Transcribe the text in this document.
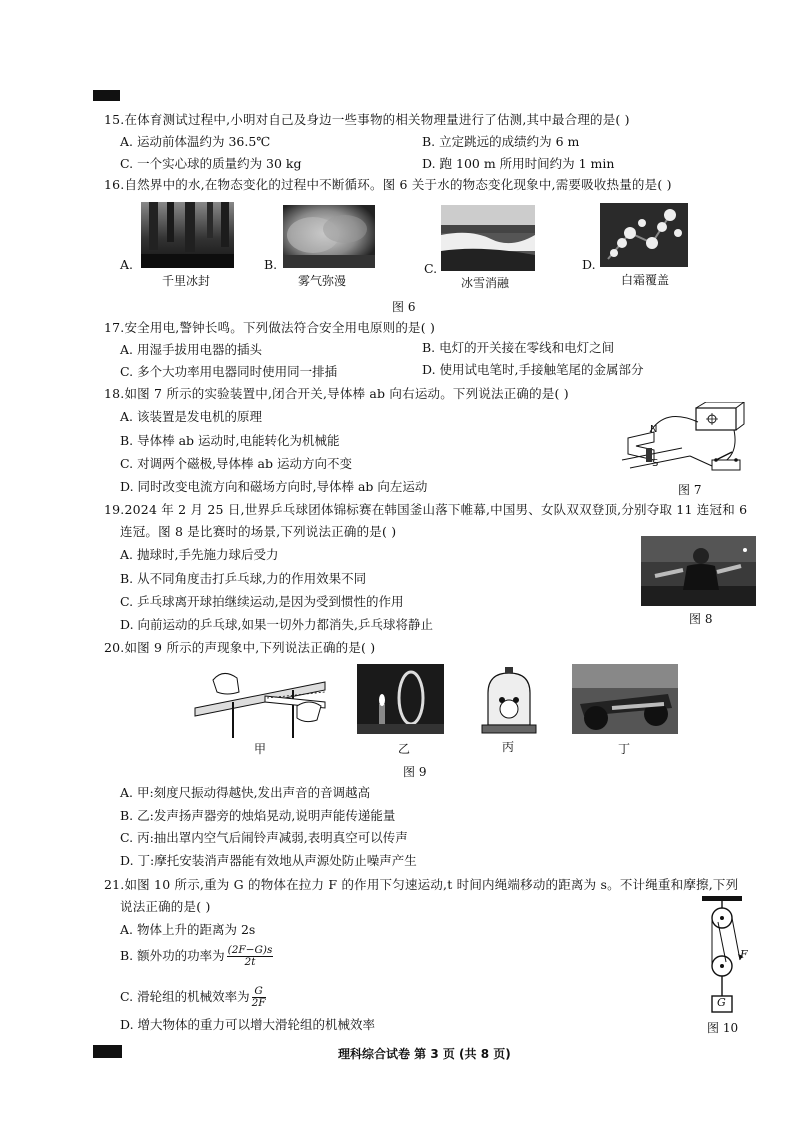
15.在体育测试过程中,小明对自己及身边一些事物的相关物理量进行了估测,其中最合理的是( )
A. 运动前体温约为 36.5℃	B. 立定跳远的成绩约为 6 m
C. 一个实心球的质量约为 30 kg	D. 跑 100 m 所用时间约为 1 min
16.自然界中的水,在物态变化的过程中不断循环。图 6 关于水的物态变化现象中,需要吸收热量的是( )
A.
千里冰封
B.
雾气弥漫
C.
冰雪消融
D.
白霜覆盖
图 6
17.安全用电,警钟长鸣。下列做法符合安全用电原则的是( )
A. 用湿手拔用电器的插头	B. 电灯的开关接在零线和电灯之间
C. 多个大功率用电器同时使用同一排插	D. 使用试电笔时,手接触笔尾的金属部分
18.如图 7 所示的实验装置中,闭合开关,导体棒 ab 向右运动。下列说法正确的是( )
A. 该装置是发电机的原理
B. 导体棒 ab 运动时,电能转化为机械能
C. 对调两个磁极,导体棒 ab 运动方向不变
D. 同时改变电流方向和磁场方向时,导体棒 ab 向左运动
N
S
图 7
19.2024 年 2 月 25 日,世界乒乓球团体锦标赛在韩国釜山落下帷幕,中国男、女队双双登顶,分别夺取 11 连冠和 6
连冠。图 8 是比赛时的场景,下列说法正确的是( )
A. 抛球时,手先施力球后受力
B. 从不同角度击打乒乓球,力的作用效果不同
C. 乒乓球离开球拍继续运动,是因为受到惯性的作用
D. 向前运动的乒乓球,如果一切外力都消失,乒乓球将静止	图 8
20.如图 9 所示的声现象中,下列说法正确的是( )
甲	乙	丙	丁
图 9
A. 甲:刻度尺振动得越快,发出声音的音调越高
B. 乙:发声扬声器旁的烛焰晃动,说明声能传递能量
C. 丙:抽出罩内空气后闹铃声减弱,表明真空可以传声
D. 丁:摩托安装消声器能有效地从声源处防止噪声产生
21.如图 10 所示,重为 G 的物体在拉力 F 的作用下匀速运动,t 时间内绳端移动的距离为 s。不计绳重和摩擦,下列
说法正确的是( )
A. 物体上升的距离为 2s
B. 额外功的功率为 $\frac{(2F-G)s}{2t}$
C. 滑轮组的机械效率为 $\frac{G}{2F}$
D. 增大物体的重力可以增大滑轮组的机械效率
F
G
图 10
理科综合试卷 第 3 页 (共 8 页)
